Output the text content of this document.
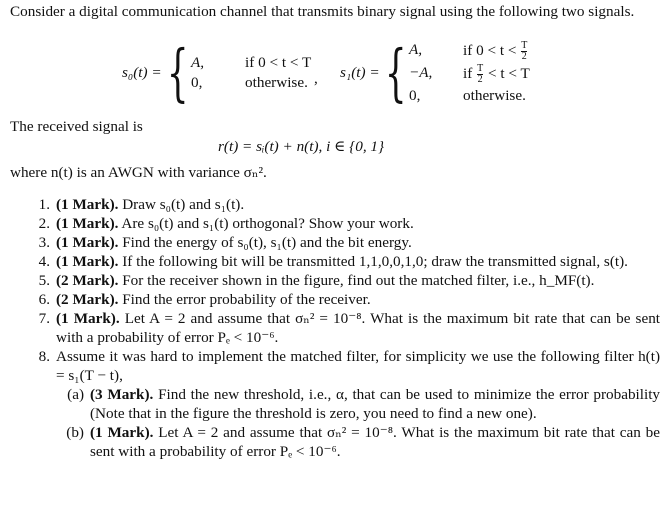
Consider a digital communication channel that transmits binary signal using the following two signals.
s₀(t) = { A,	if 0 < t < T
0,	otherwise. , s₁(t) = { A,	if $0 < t < \frac{T}{2}$
−A,	if $\frac{T}{2} < t < T$
0,	otherwise.
The received signal is
r(t) = sᵢ(t) + n(t), i ∈ {0, 1}
where n(t) is an AWGN with variance σₙ².
1. (1 Mark). Draw s₀(t) and s₁(t).
2. (1 Mark). Are s₀(t) and s₁(t) orthogonal? Show your work.
3. (1 Mark). Find the energy of s₀(t), s₁(t) and the bit energy.
4. (1 Mark). If the following bit will be transmitted 1,1,0,0,1,0; draw the transmitted signal, s(t).
5. (2 Mark). For the receiver shown in the figure, find out the matched filter, i.e., h_MF(t).
6. (2 Mark). Find the error probability of the receiver.
7. (1 Mark). Let A = 2 and assume that σₙ² = 10⁻⁸. What is the maximum bit rate that can be sent with a probability of error Pₑ < 10⁻⁶.
8. Assume it was hard to implement the matched filter, for simplicity we use the following filter h(t) = s₁(T − t),
(a) (3 Mark). Find the new threshold, i.e., α, that can be used to minimize the error probability (Note that in the figure the threshold is zero, you need to find a new one).
(b) (1 Mark). Let A = 2 and assume that σₙ² = 10⁻⁸. What is the maximum bit rate that can be sent with a probability of error Pₑ < 10⁻⁶.
